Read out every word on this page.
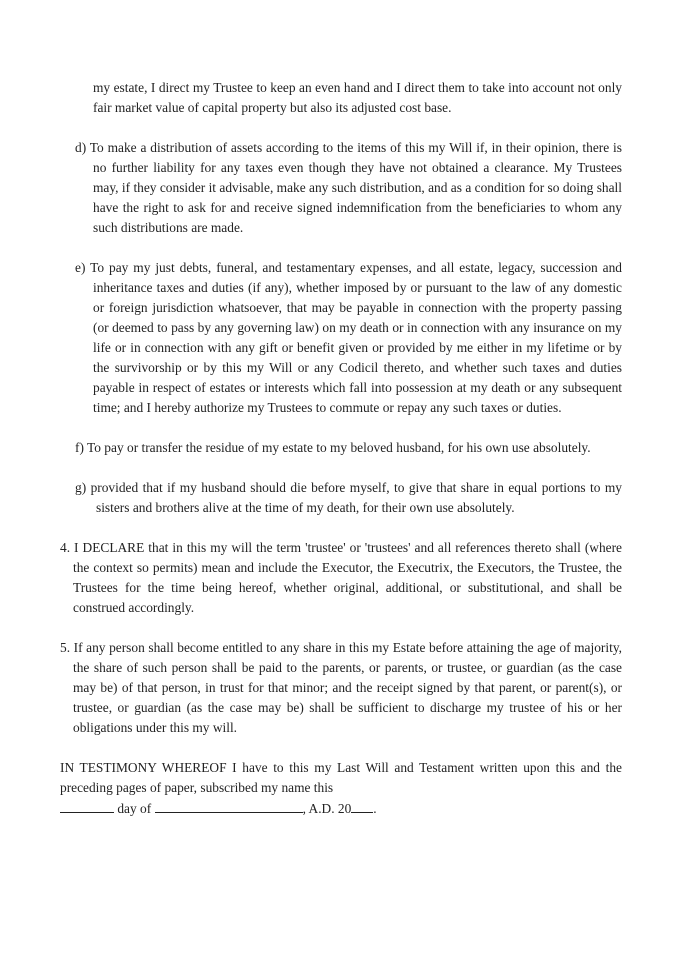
my estate, I direct my Trustee to keep an even hand and I direct them to take into account not only fair market value of capital property but also its adjusted cost base.

d) To make a distribution of assets according to the items of this my Will if, in their opinion, there is no further liability for any taxes even though they have not obtained a clearance. My Trustees may, if they consider it advisable, make any such distribution, and as a condition for so doing shall have the right to ask for and receive signed indemnification from the beneficiaries to whom any such distributions are made.

e) To pay my just debts, funeral, and testamentary expenses, and all estate, legacy, succession and inheritance taxes and duties (if any), whether imposed by or pursuant to the law of any domestic or foreign jurisdiction whatsoever, that may be payable in connection with the property passing (or deemed to pass by any governing law) on my death or in connection with any insurance on my life or in connection with any gift or benefit given or provided by me either in my lifetime or by the survivorship or by this my Will or any Codicil thereto, and whether such taxes and duties payable in respect of estates or interests which fall into possession at my death or any subsequent time; and I hereby authorize my Trustees to commute or repay any such taxes or duties.

f) To pay or transfer the residue of my estate to my beloved husband, for his own use absolutely.

g) provided that if my husband should die before myself, to give that share in equal portions to my sisters and brothers alive at the time of my death, for their own use absolutely.

4. I DECLARE that in this my will the term 'trustee' or 'trustees' and all references thereto shall (where the context so permits) mean and include the Executor, the Executrix, the Executors, the Trustee, the Trustees for the time being hereof, whether original, additional, or substitutional, and shall be construed accordingly.

5. If any person shall become entitled to any share in this my Estate before attaining the age of majority, the share of such person shall be paid to the parents, or parents, or trustee, or guardian (as the case may be) of that person, in trust for that minor; and the receipt signed by that parent, or parent(s), or trustee, or guardian (as the case may be) shall be sufficient to discharge my trustee of his or her obligations under this my will.

IN TESTIMONY WHEREOF I have to this my Last Will and Testament written upon this and the preceding pages of paper, subscribed my name this

day of	, A.D. 20 .
